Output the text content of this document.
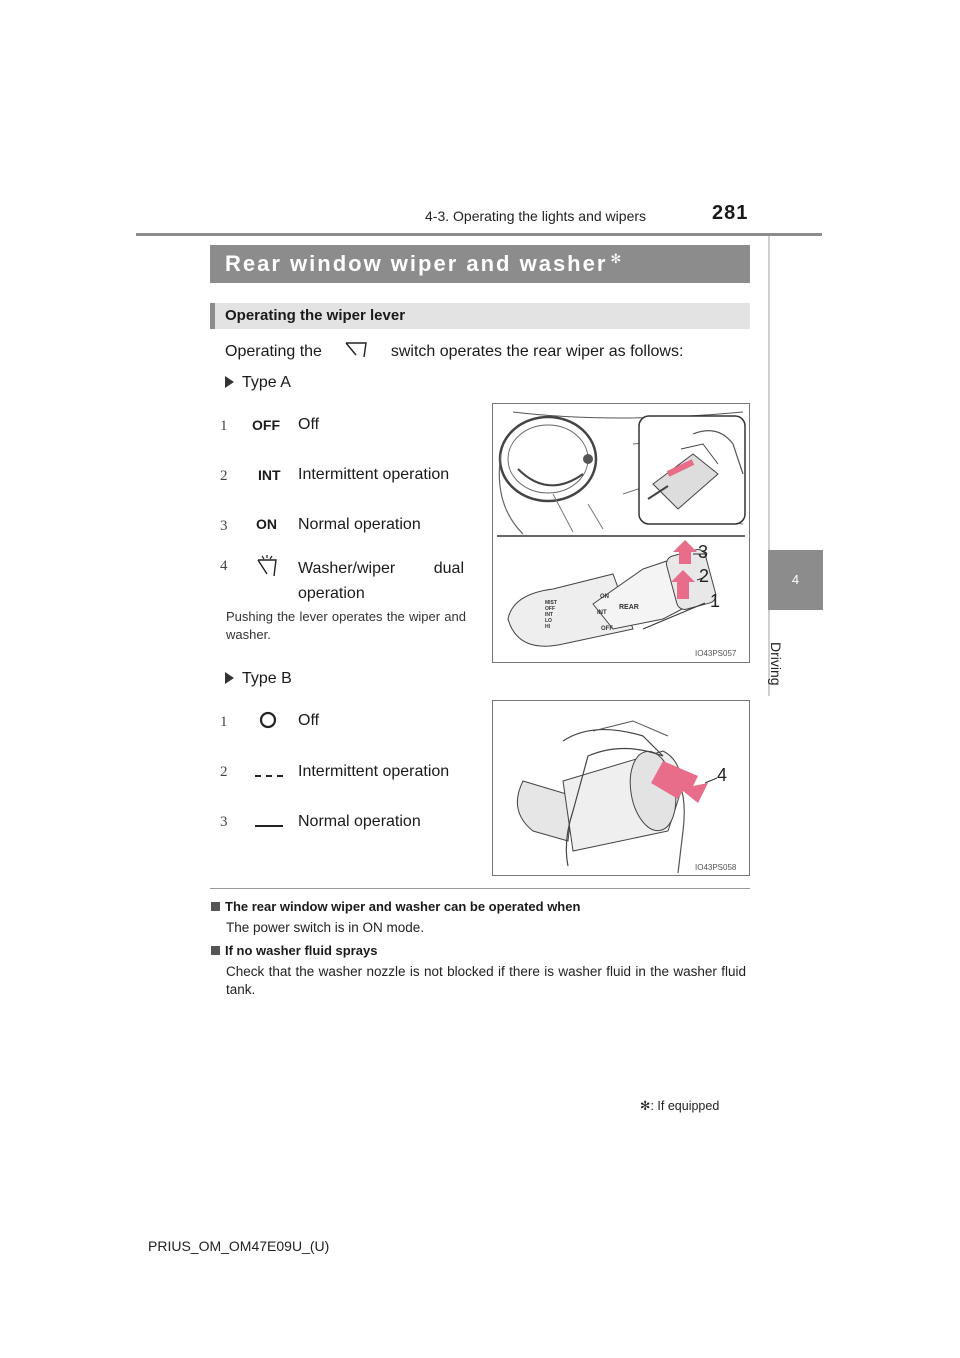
4-3. Operating the lights and wipers	281
4
Driving
Rear window wiper and washer ✻
Operating the wiper lever
Operating the	switch operates the rear wiper as follows:
Type A
1	OFF Off
2	INT Intermittent operation
3	ON Normal operation
4	Washer/wiper dual operation
Pushing the lever operates the wiper and washer.
MIST
OFF
INT
LO
HI
ON
INT
OFF
REAR
3
2
1
IO43PS057
Type B
1	Off
2	Intermittent operation
3	Normal operation
4
IO43PS058
The rear window wiper and washer can be operated when
The power switch is in ON mode.
If no washer fluid sprays
Check that the washer nozzle is not blocked if there is washer fluid in the washer fluid tank.
✻: If equipped
PRIUS_OM_OM47E09U_(U)
